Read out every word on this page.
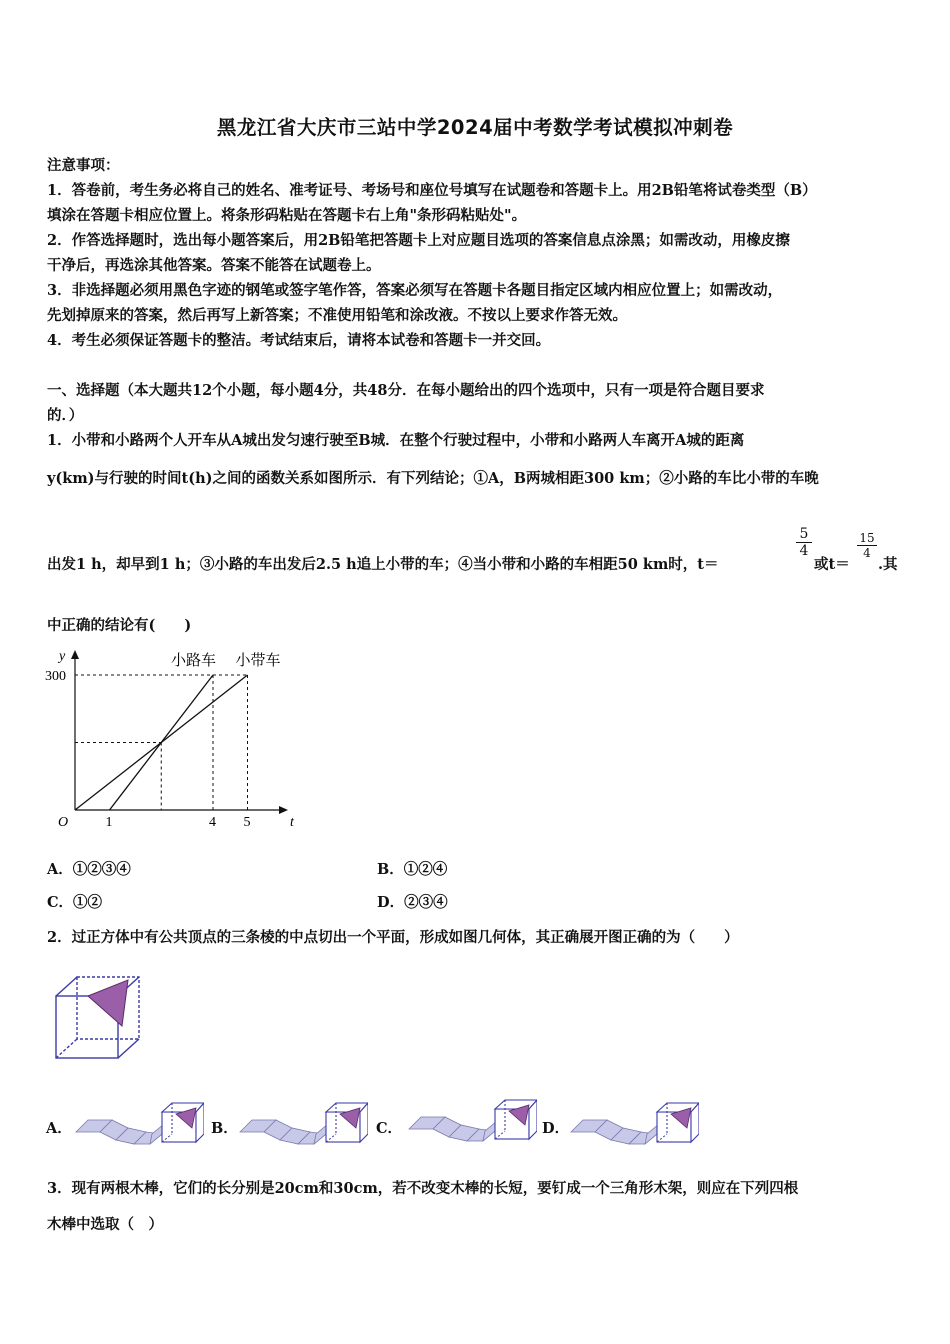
黑龙江省大庆市三站中学2024届中考数学考试模拟冲刺卷
注意事项：
1．答卷前，考生务必将自己的姓名、准考证号、考场号和座位号填写在试题卷和答题卡上。用2B铅笔将试卷类型（B）
填涂在答题卡相应位置上。将条形码粘贴在答题卡右上角"条形码粘贴处"。
2．作答选择题时，选出每小题答案后，用2B铅笔把答题卡上对应题目选项的答案信息点涂黑；如需改动，用橡皮擦
干净后，再选涂其他答案。答案不能答在试题卷上。
3．非选择题必须用黑色字迹的钢笔或签字笔作答，答案必须写在答题卡各题目指定区域内相应位置上；如需改动，
先划掉原来的答案，然后再写上新答案；不准使用铅笔和涂改液。不按以上要求作答无效。
4．考生必须保证答题卡的整洁。考试结束后，请将本试卷和答题卡一并交回。
一、选择题（本大题共12个小题，每小题4分，共48分．在每小题给出的四个选项中，只有一项是符合题目要求
的．）
1．小带和小路两个人开车从A城出发匀速行驶至B城．在整个行驶过程中，小带和小路两人车离开A城的距离
y(km)与行驶的时间t(h)之间的函数关系如图所示．有下列结论；①A，B两城相距300 km；②小路的车比小带的车晚
出发1 h，却早到1 h；③小路的车出发后2.5 h追上小带的车；④当小带和小路的车相距50 km时，t＝
$\frac{5}{4}$
或t＝
$\frac{15}{4}$
.其
中正确的结论有(　　)
t
y
O
小路车 小带车
1	4 5
300
A．①②③④	B．①②④
C．①②	D．②③④
2．过正方体中有公共顶点的三条棱的中点切出一个平面，形成如图几何体，其正确展开图正确的为（　　）
A．	B．	C．	D．
3．现有两根木棒，它们的长分别是20cm和30cm，若不改变木棒的长短，要钉成一个三角形木架，则应在下列四根
木棒中选取（　）
